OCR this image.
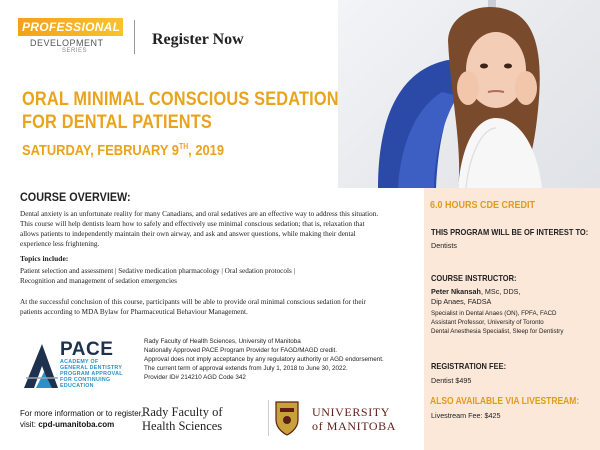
PROFESSIONAL
DEVELOPMENT
SERIES
Register Now
ORAL MINIMAL CONSCIOUS SEDATION
FOR DENTAL PATIENTS
SATURDAY, FEBRUARY 9TH, 2019
COURSE OVERVIEW:

Dental anxiety is an unfortunate reality for many Canadians, and oral sedatives are an effective way to address this situation. This course will help dentists learn how to safely and effectively use minimal conscious sedation; that is, relaxation that allows patients to independently maintain their own airway, and ask and answer questions, while making their dental experience less frightening.

Topics include:
Patient selection and assessment | Sedative medication pharmacology | Oral sedation protocols |
Recognition and management of sedation emergencies

At the successful conclusion of this course, participants will be able to provide oral minimal conscious sedation for their patients according to MDA Bylaw for Pharmaceutical Behaviour Management.

PACE
ACADEMY OF
GENERAL DENTISTRY
PROGRAM APPROVAL
FOR CONTINUING
EDUCATION
Rady Faculty of Health Sciences, University of Manitoba
Nationally Approved PACE Program Provider for FAGD/MAGD credit.
Approval does not imply acceptance by any regulatory authority or AGD endorsement.
The current term of approval extends from July 1, 2018 to June 30, 2022.
Provider ID# 214210 AGD Code 342
For more information or to register,
visit: cpd-umanitoba.com
Rady Faculty of
Health Sciences
UNIVERSITY
of MANITOBA
6.0 HOURS CDE CREDIT
THIS PROGRAM WILL BE OF INTEREST TO:
Dentists
COURSE INSTRUCTOR:
Peter Nkansah, MSc, DDS,
Dip Anaes, FADSA
Specialist in Dental Anaes (ON), FPFA, FACD
Assistant Professor, University of Toronto
Dental Anesthesia Specialist, Sleep for Dentistry
REGISTRATION FEE:
Dentist $495
ALSO AVAILABLE VIA LIVESTREAM:
Livestream Fee: $425
